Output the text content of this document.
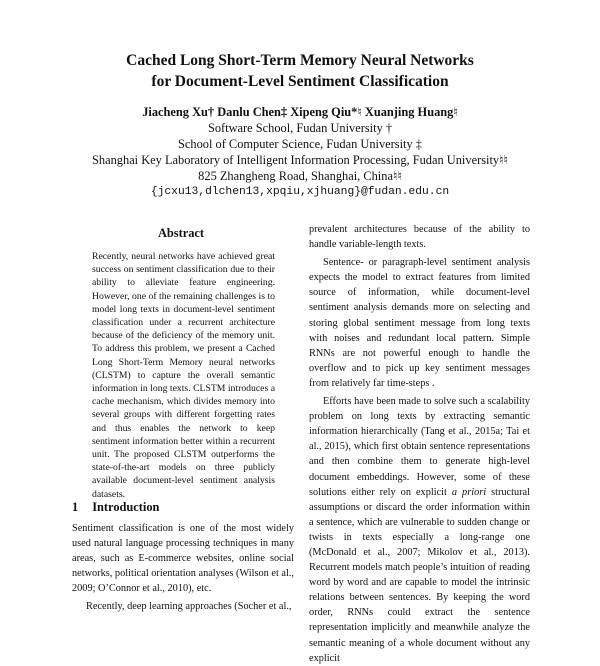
Cached Long Short-Term Memory Neural Networks
for Document-Level Sentiment Classification
Jiacheng Xu† Danlu Chen‡ Xipeng Qiu*♮ Xuanjing Huang♮
Software School, Fudan University †
School of Computer Science, Fudan University ‡
Shanghai Key Laboratory of Intelligent Information Processing, Fudan University♮♮
825 Zhangheng Road, Shanghai, China♮♮
{jcxu13,dlchen13,xpqiu,xjhuang}@fudan.edu.cn
Abstract

Recently, neural networks have achieved great success on sentiment classification due to their ability to alleviate feature engineering. However, one of the remaining challenges is to model long texts in document-level sentiment classification under a recurrent architecture because of the deficiency of the memory unit. To address this problem, we present a Cached Long Short-Term Memory neural networks (CLSTM) to capture the overall semantic information in long texts. CLSTM introduces a cache mechanism, which divides memory into several groups with different forgetting rates and thus enables the network to keep sentiment information better within a recurrent unit. The proposed CLSTM outperforms the state-of-the-art models on three publicly available document-level sentiment analysis datasets.

1 Introduction

Sentiment classification is one of the most widely used natural language processing techniques in many areas, such as E-commerce websites, online social networks, political orientation analyses (Wilson et al., 2009; O’Connor et al., 2010), etc.

Recently, deep learning approaches (Socher et al.,

prevalent architectures because of the ability to handle variable-length texts.

Sentence- or paragraph-level sentiment analysis expects the model to extract features from limited source of information, while document-level sentiment analysis demands more on selecting and storing global sentiment message from long texts with noises and redundant local pattern. Simple RNNs are not powerful enough to handle the overflow and to pick up key sentiment messages from relatively far time-steps .

Efforts have been made to solve such a scalability problem on long texts by extracting semantic information hierarchically (Tang et al., 2015a; Tai et al., 2015), which first obtain sentence representations and then combine them to generate high-level document embeddings. However, some of these solutions either rely on explicit a priori structural assumptions or discard the order information within a sentence, which are vulnerable to sudden change or twists in texts especially a long-range one (McDonald et al., 2007; Mikolov et al., 2013). Recurrent models match people’s intuition of reading word by word and are capable to model the intrinsic relations between sentences. By keeping the word order, RNNs could extract the sentence representation implicitly and meanwhile analyze the semantic meaning of a whole document without any explicit
